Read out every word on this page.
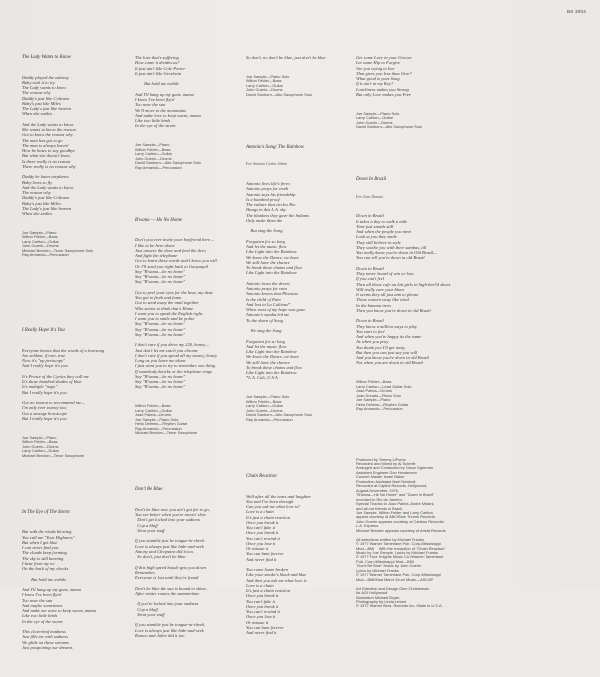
BS 3004

The Lady Wants to Know

Daddy played the ashtray
Baby took it to try
The Lady wants to know
The reason why
Daddy's just like Coltrane
Baby's just like Miles
The Lady's just like heaven
When she smiles

And the Lady wants to know
She wants to know the reason
Got to know the reason why
The man has got to go
The man is always leavin'
How he hates to say goodbye
But what she doesn't know
Is there really is no reason
There really is no reason why

Daddy he hates airplanes
Baby loves to fly
And the Lady wants to know
The reason why
Daddy's just like Coltrane
Baby's just like Miles
The Lady's just like heaven
When she smiles

Joe Sample—Piano
Wilton Felder—Bass
Larry Carlton—Guitar
John Guerin—Drums
Michael Brecker—Tenor Saxophone Solo
Ray Armando—Percussion

I Really Hope It's You

Everyone knows that the words of a lovesong
Are seldom, if ever, true
Now it's "up periscope"
And I really hope it's you

It's Prince of the Cynics they call me
It's those hundred shades of blue
It's multiple "nope"
But I really hope it's you

Got no reason to recommend me—
I'm only ever twenty two
Got a strange horoscope
But I really hope it's you

Joe Sample—Piano
Wilton Felder—Bass
John Guerin—Drums
Larry Carlton—Guitar
Michael Brecker—Tenor Saxophone

In The Eye of The Storm

But with the winds blowing
You call me "Your Highness"
But when I get blue
I can never find you
The clouds keep forming
The sky is still burning
I hear from my es-
On the back of my checks

But hold me awhile

And I'll hang up my guns, mama
I know I've been flyin'
Too near the sun
And maybe sometimes
And make me wave to keep warm, mama
Like two little birds
In the eye of the storm

This cloverleaf madness
Just fills me with sadness
We glide on these streams
Just postponing our dreams

The love that's suffering
How come it divides us?
It just ain't like Cole Porter
It just ain't like Gershwin

But hold me awhile

And I'll hang up my guns, mama
I know I've been flyin'
Too near the sun
We'll move to the mountains
And make love to keep warm, mama
Like two little birds
In the eye of the storm

Joe Sample—Piano
Wilton Felder—Bass
Larry Carlton—Guitar
John Guerin—Drums
David Sanborn—Alto Saxophone Solo
Ray Armando—Percussion

B'wana — He No Home

Don't you ever invite your boyfriend here—
I like to be here alone
Just answer the door and feed the deer,
And fight the telephone
Got to learn these words and I know you will
Or I'll send you right back to Guayaquil
Say "B'wana—he no home"
Say "B'wana—he no home"
Say "B'wana—he no home"

Got to peel your eyes for the heat, my dear.
You got to froth and foam
Got to send away the mail together
Who seems to think that's Home
I want you to speak the English right.
I want you to smile and be polite
Say "B'wana—he no home"
Say "B'wana—he no home"
Say "B'wana—he no home"

I don't care if you drive my 220, honey—
Just don't let me catch you chrome
I don't care if you spend all my money, honey
Long as you leave me alone
I just want you to try to remember one thing
If somebody knocks or the telephone rings
Say "B'wana—he no home"
Say "B'wana—he no home"
Say "B'wana—he no home"

Wilton Felder—Bass
Larry Carlton—Guitar
Joao Palma—Drums
Joe Sample—Piano Solo
Helio Delmiro—Rhythm Guitar
Ray Armando—Percussion
Michael Brecker—Tenor Saxophone

Don't Be Blue

Don't be blue now you ain't got far to go,
You see better when you're movin' slow
Don't get locked into your sadness
Cop a bluff
Strut your stuff

If you stumble just be tongue-in-cheek.
Love is always just like hide-and-seek
Antony and Cleopatra did it too.
So don't, just don't be blue.

If this high speed hassle gets you down
Remember,
Everyone is lost until they're found

Don't be blue the sun is bound to shine,
After winter comes the summertime

If you're locked into your sadness
Cop a bluff
Strut your stuff

If you stumble just be tongue-in-cheek.
Love is always just like hide-and-seek
Romeo and Juliet did it too

So don't, no don't be blue, just don't be blue

Joe Sample—Piano Solo
Wilton Felder—Bass
Larry Carlton—Guitar
John Guerin—Drums
David Sanborn—Alto Saxophone Solo

Antonio's Song/ The Rainbow

For Antonio Carlos Jobim

Antonio lives life's frevo
Antonio prays for truth
Antonio says his friendship
Is a hundred proof
The vulture that circles Rio
Hangs in this L.A. sky
The blankets they gave the Indians
Only make them die

But sing the Song

Forgotten for so long
And let the music flow
Like Light into the Rainbow
We know the Dance, we have
We still have the chance
To break these chains and flow
Like Light into the Rainbow

Antonio loves the desert
Antonio prays for rain
Antonio knows that Pleasure
Is the child of Pain
And lost in La Cultivas*
When most of my hope was gone
Antonio's samba led me
To the dawn of Song

We sing the Song

Forgotten for so long
And let the music flow
Like Light into the Rainbow
We know the Dance, we have
We still have the chance
To break these chains and flow
Like Light into the Rainbow
*L.A. Cult, U.S.A.

Joe Sample—Piano Solo
Wilton Felder—Bass
Larry Carlton—Guitar
John Guerin—Drums
David Sanborn—Alto Saxophone Solo
Ray Armando—Percussion

Chain Reaction

Well after all the tears and laughter
You and I've been through
Can you ask me what love is?
Love is a chain
It's just a chain reaction
Once you break it
You can't fake it
Once you break it
You can't rewind it
Once you lose it
Or misuse it
You can hunt forever
And never find it

You come home broken
Like your smoke's black and blue
And then you ask me what love is
Love is a chain
It's just a chain reaction
Once you break it
You can't fake it
Once you break it
You can't rewind it
Once you lose it
Or misuse it
You can hunt forever
And never find it

Get some Love in your Groove
Let some Hip to Forgive
Are you trying to live
That gives you less than Give?
What good is your Song
If it ain't in my Key?
Loneliness makes you Strong
But only Love makes you Free

Joe Sample—Piano Solo
Larry Carlton—Guitar
John Guerin—Drums
David Sanborn—Alto Saxophone Solo

Down In Brazil

For Joao Donato

Down in Brazil
It takes a day to walk a mile
Time just stands still
And when the people you meet
Look at you they smile
They still believe in style
They soothe you with their sambas, till
You really know you're down in Old Brazil—
You can tell you're down in old Brazil

Down in Brazil
They never heard of win or lose
If you can't feel
Then all those cafe au lait girls in high-heel'd shoes
Will really cure your blues
It seems they all just aim to please
Those women sway like wind
In the banana trees
Then you know you're down in old Brazil

Down in Brazil
They know a million ways to play
You start to feel
And when you're happy its the same
As when you pray
You thank you I'll get away
But then you can just say you will
And you know you're down in old Brazil
Not when you are down in old Brazil

Wilton Felder—Bass
Larry Carlton—Lead Guitar Solo
Joao Palma—Drums
Joao Donato—Piano Solo
Joe Sample—Piano
Helio Delmiro—Rhythm Guitar
Ray Armando—Percussion

Produced by Tommy LiPuma
Recorded and Mixed by Al Schmitt
Arranged and Conducted by Claus Ogerman
Assistant Engineer Don Henderson
Concert Master Israel Baker
Production Assistant Noel Newbolt
Recorded at Capitol Records, Hollywood,
August-November, 1976.
"B'wana—He No Home" and "Down in Brazil"
recorded in Rio de Janeiro.
Special Thanks to Joao Palma, Andre Midani,
and all our friends in Brazil.
Joe Sample, Wilton Felder and Larry Carlton
appear courtesy of ABC/Blue Thumb Records.
John Guerin appears courtesy of Caribou Records/
L.A. Express.
Michael Brecker appears courtesy of Arista Records

All selections written by Michael Franks
© 1977 Warner Tamerlane Pub. Corp./Mississippi
Mud—BMI    With the exception of "Chain Reaction"
Music by Joe Sample, Lyrics by Michael Franks
© 1977 Four Knights Music Co./Warner-Tamerlane
Pub. Corp./Mississippi Mud—BMI
"Don't Be Blue" Music by John Guerin
Lyrics by Michael Franks
© 1977 Warner Tamerlane Pub. Corp./Mississippi
Mud—BMI/Mad Man's Drum Music—ASCAP

Art Direction and Design Glen Christensen
for AGI Hollywood
Illustration Michael Bryan
Photography by Linda Levine
© 1977 Warner Bros. Records Inc. Made in U.S.A.
